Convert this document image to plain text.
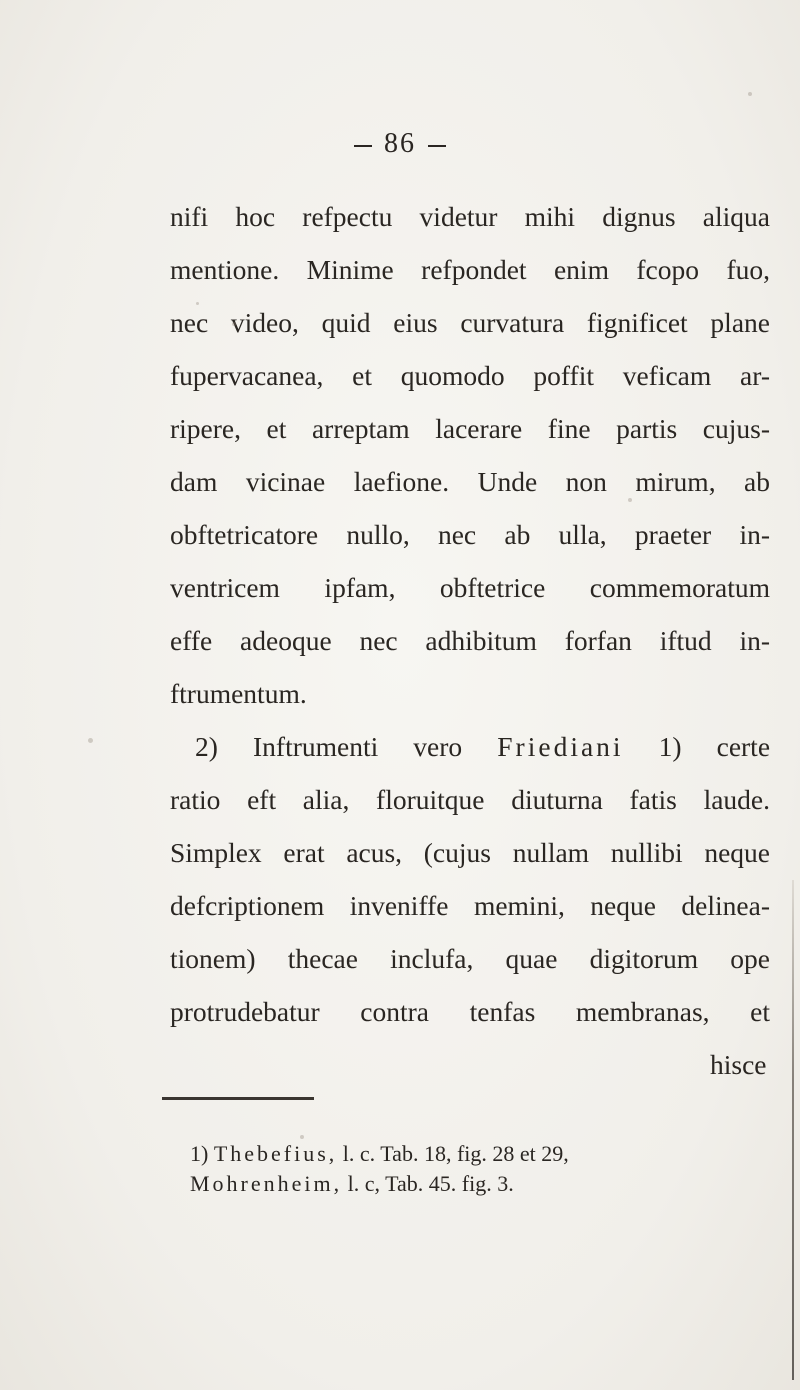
86
nifi hoc refpectu videtur mihi dignus aliqua
mentione. Minime refpondet enim fcopo fuo,
nec video, quid eius curvatura fignificet plane
fupervacanea, et quomodo poffit veficam ar-
ripere, et arreptam lacerare fine partis cujus-
dam vicinae laefione. Unde non mirum, ab
obftetricatore nullo, nec ab ulla, praeter in-
ventricem ipfam, obftetrice commemoratum
effe adeoque nec adhibitum forfan iftud in-
ftrumentum.
2) Inftrumenti vero Friediani 1) certe
ratio eft alia, floruitque diuturna fatis laude.
Simplex erat acus, (cujus nullam nullibi neque
defcriptionem inveniffe memini, neque delinea-
tionem) thecae inclufa, quae digitorum ope
protrudebatur contra tenfas membranas, et
hisce
1) Thebefius, l. c. Tab. 18, fig. 28 et 29,
Mohrenheim, l. c, Tab. 45. fig. 3.
